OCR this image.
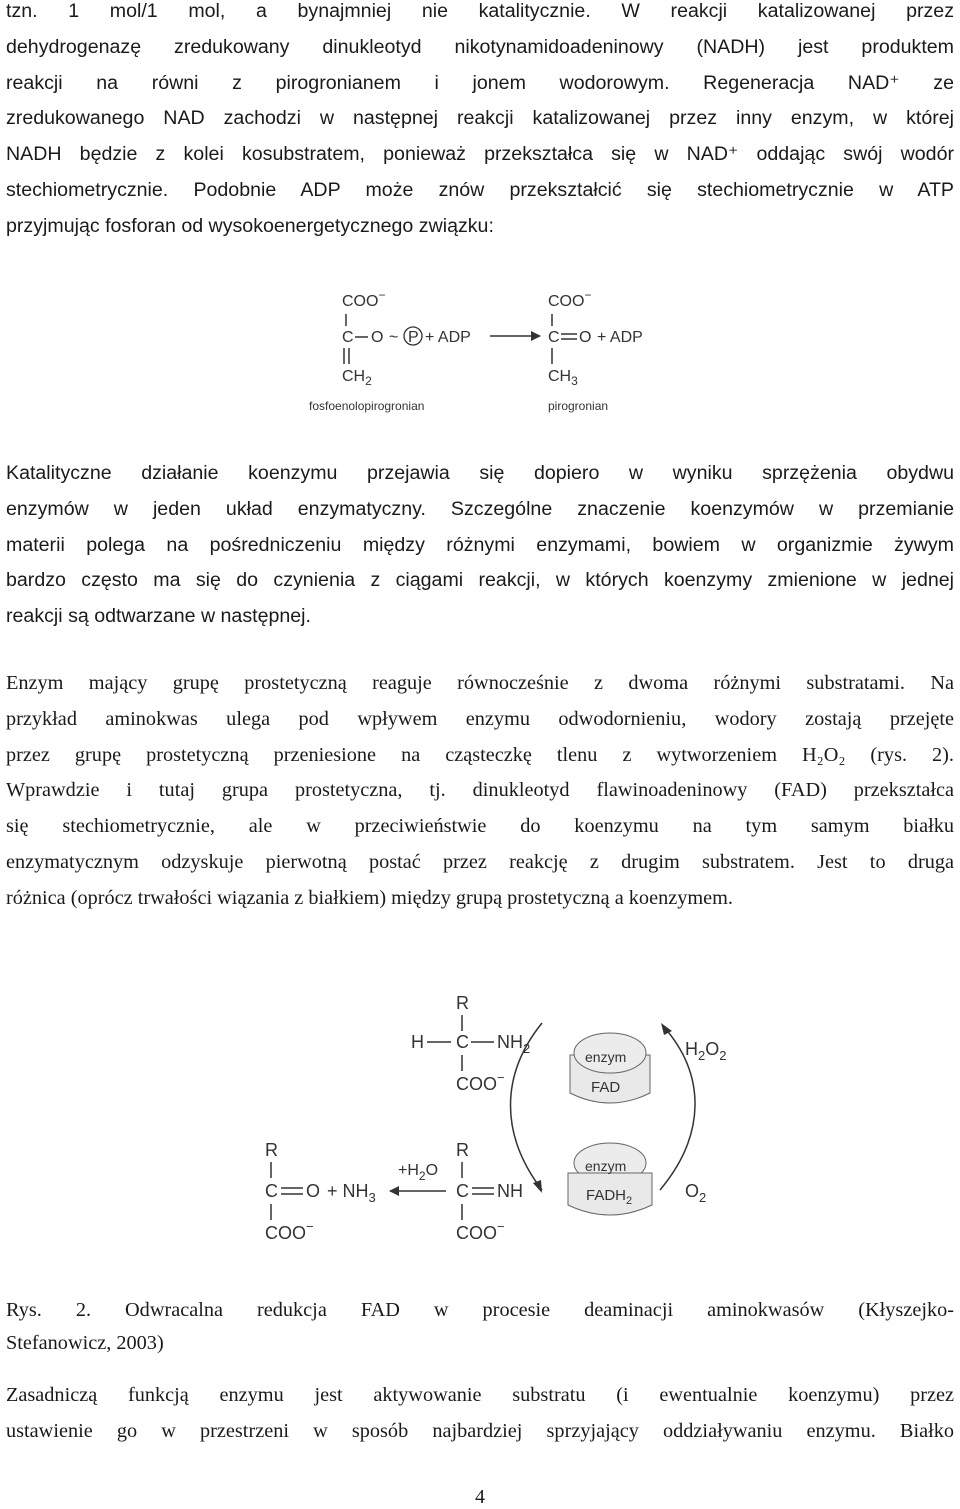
tzn. 1 mol/1 mol, a bynajmniej nie katalitycznie. W reakcji katalizowanej przez
dehydrogenazę zredukowany dinukleotyd nikotynamidoadeninowy (NADH) jest produktem
reakcji na równi z pirogronianem i jonem wodorowym. Regeneracja NAD⁺ ze
zredukowanego NAD zachodzi w następnej reakcji katalizowanej przez inny enzym, w której
NADH będzie z kolei kosubstratem, ponieważ przekształca się w NAD⁺ oddając swój wodór
stechiometrycznie. Podobnie ADP może znów przekształcić się stechiometrycznie w ATP
przyjmując fosforan od wysokoenergetycznego związku:
COO−
C O ~ P + ADP
$CH_2$
COO−
C O + ADP
$CH_3$
fosfoenolopirogronian	pirogronian
Katalityczne działanie koenzymu przejawia się dopiero w wyniku sprzężenia obydwu
enzymów w jeden układ enzymatyczny. Szczególne znaczenie koenzymów w przemianie
materii polega na pośredniczeniu między różnymi enzymami, bowiem w organizmie żywym
bardzo często ma się do czynienia z ciągami reakcji, w których koenzymy zmienione w jednej
reakcji są odtwarzane w następnej.
Enzym mający grupę prostetyczną reaguje równocześnie z dwoma różnymi substratami. Na
przykład aminokwas ulega pod wpływem enzymu odwodornieniu, wodory zostają przejęte
przez grupę prostetyczną przeniesione na cząsteczkę tlenu z wytworzeniem H₂O₂ (rys. 2).
Wprawdzie i tutaj grupa prostetyczna, tj. dinukleotyd flawinoadeninowy (FAD) przekształca
się stechiometrycznie, ale w przeciwieństwie do koenzymu na tym samym białku
enzymatycznym odzyskuje pierwotną postać przez reakcję z drugim substratem. Jest to druga
różnica (oprócz trwałości wiązania z białkiem) między grupą prostetyczną a koenzymem.
R
H C $NH_2$
COO−
R
C $O + NH_3$
COO−
$+H_2O$
R
C NH
COO−
enzym
FAD
enzym
$FADH_2$
$H_2O_2$
$O_2$
Rys. 2. Odwracalna redukcja FAD w procesie deaminacji aminokwasów (Kłyszejko-
Stefanowicz, 2003)
Zasadniczą funkcją enzymu jest aktywowanie substratu (i ewentualnie koenzymu) przez
ustawienie go w przestrzeni w sposób najbardziej sprzyjający oddziaływaniu enzymu. Białko
4
